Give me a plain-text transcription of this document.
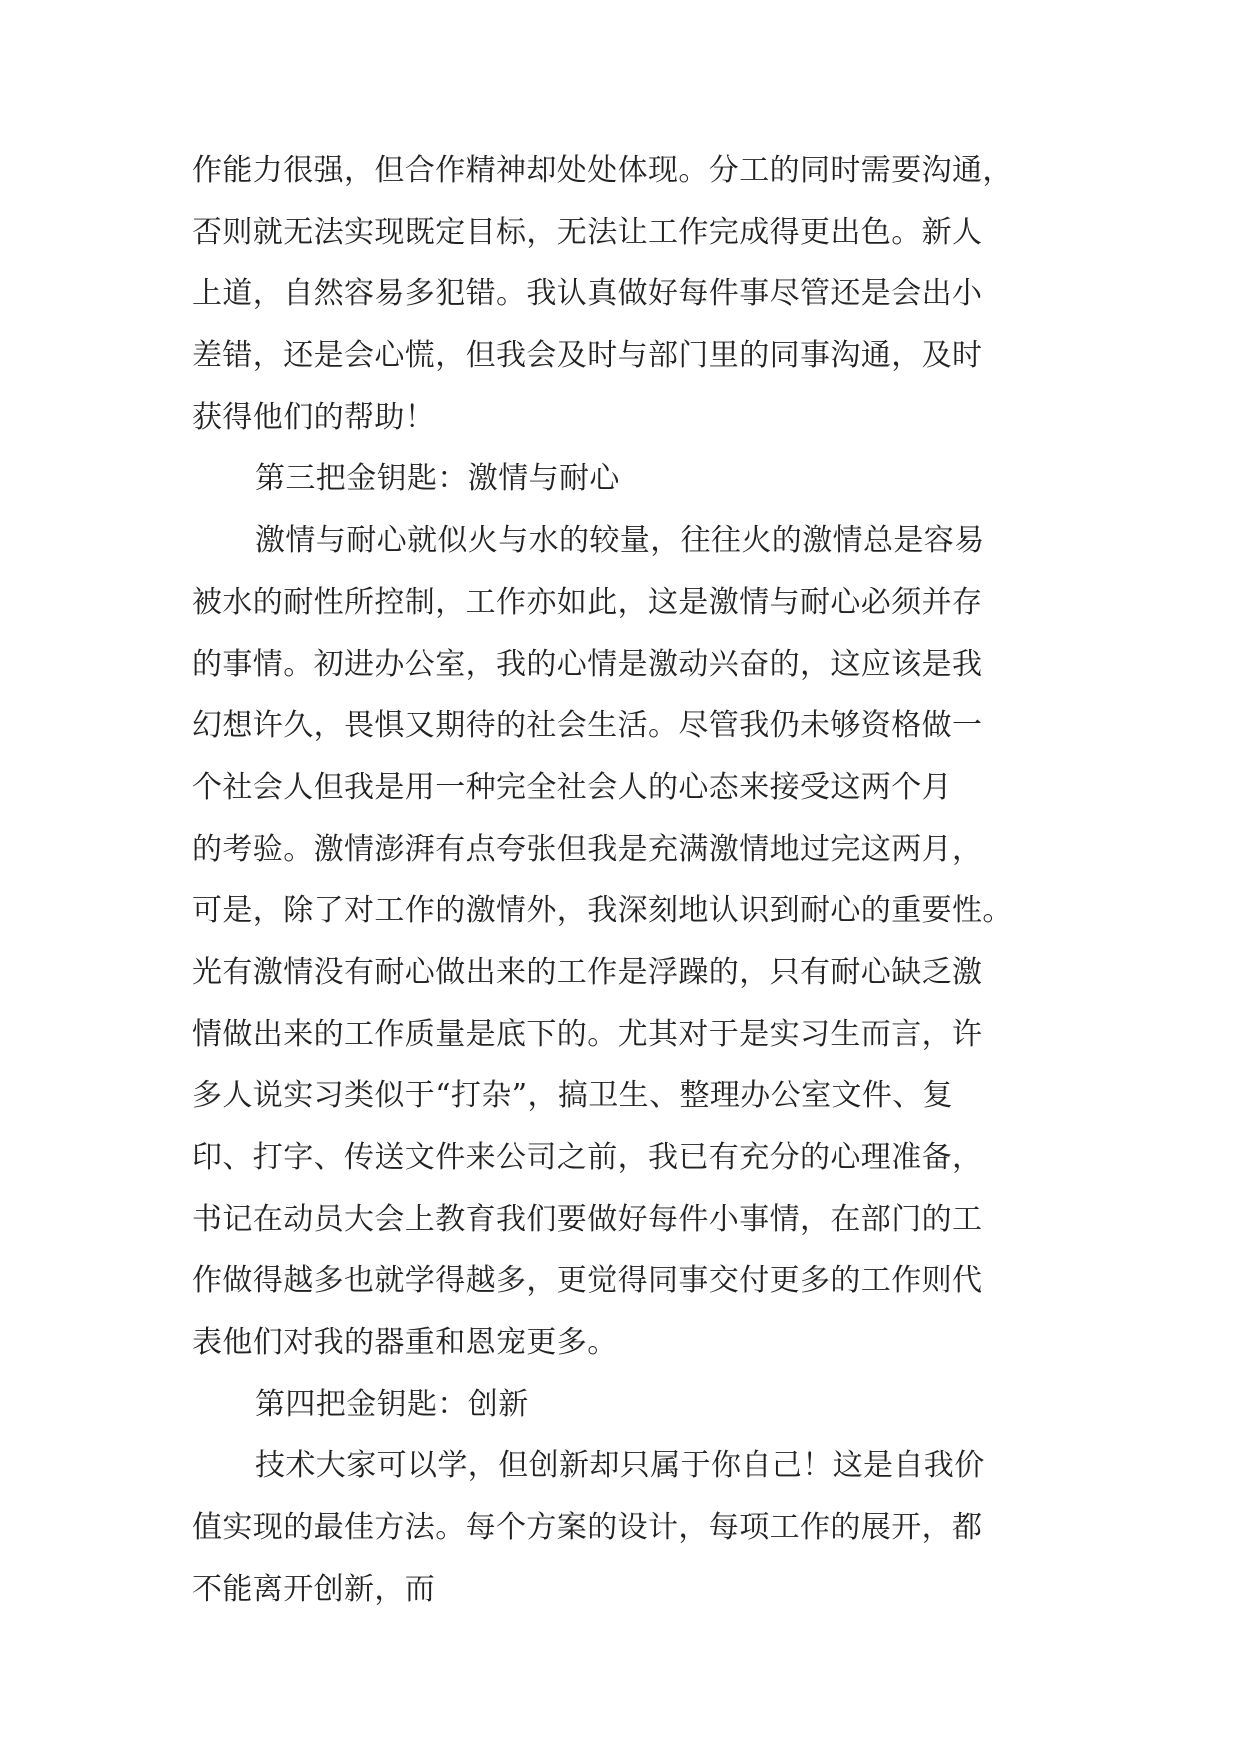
作能力很强，但合作精神却处处体现。分工的同时需要沟通，
否则就无法实现既定目标，无法让工作完成得更出色。新人
上道，自然容易多犯错。我认真做好每件事尽管还是会出小
差错，还是会心慌，但我会及时与部门里的同事沟通，及时
获得他们的帮助！
第三把金钥匙：激情与耐心
激情与耐心就似火与水的较量，往往火的激情总是容易
被水的耐性所控制，工作亦如此，这是激情与耐心必须并存
的事情。初进办公室，我的心情是激动兴奋的，这应该是我
幻想许久，畏惧又期待的社会生活。尽管我仍未够资格做一
个社会人但我是用一种完全社会人的心态来接受这两个月
的考验。激情澎湃有点夸张但我是充满激情地过完这两月，
可是，除了对工作的激情外，我深刻地认识到耐心的重要性。
光有激情没有耐心做出来的工作是浮躁的，只有耐心缺乏激
情做出来的工作质量是底下的。尤其对于是实习生而言，许
多人说实习类似于“打杂”，搞卫生、整理办公室文件、复
印、打字、传送文件来公司之前，我已有充分的心理准备，
书记在动员大会上教育我们要做好每件小事情，在部门的工
作做得越多也就学得越多，更觉得同事交付更多的工作则代
表他们对我的器重和恩宠更多。
第四把金钥匙：创新
技术大家可以学，但创新却只属于你自己！这是自我价
值实现的最佳方法。每个方案的设计，每项工作的展开，都
不能离开创新，而
